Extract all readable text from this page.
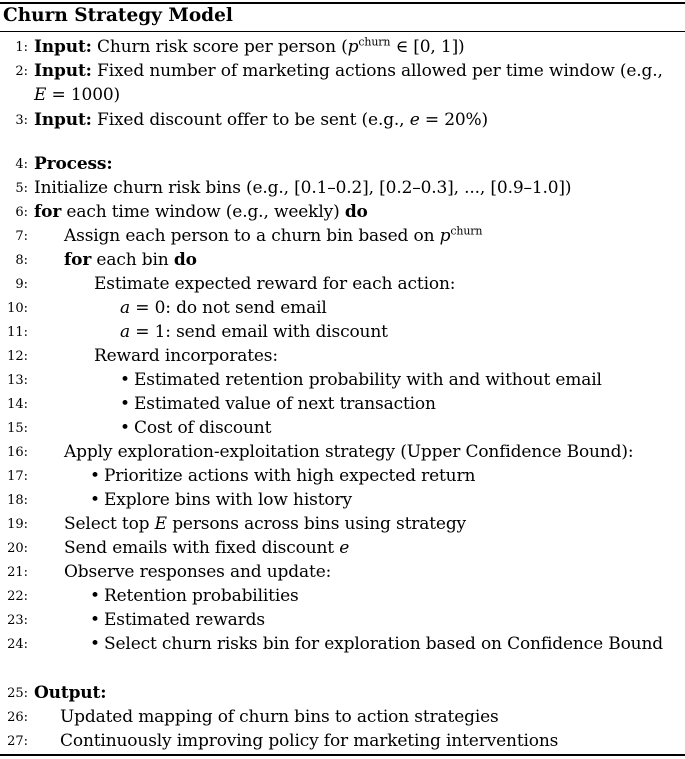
Churn Strategy Model
1: Input: Churn risk score per person ($p^{churn}$ ∈ [0, 1])
2: Input: Fixed number of marketing actions allowed per time window (e.g.,
E = 1000)
3: Input: Fixed discount offer to be sent (e.g., e = 20%)
4: Process:
5: Initialize churn risk bins (e.g., [0.1–0.2], [0.2–0.3], ..., [0.9–1.0])
6: for each time window (e.g., weekly) do
7: Assign each person to a churn bin based on $p^{churn}$
8: for each bin do
9:	Estimate expected reward for each action:
10:	a = 0: do not send email
11:	a = 1: send email with discount
12:	Reward incorporates:
13:	• Estimated retention probability with and without email
14:	• Estimated value of next transaction
15:	• Cost of discount
16: Apply exploration-exploitation strategy (Upper Confidence Bound):
17:	• Prioritize actions with high expected return
18:	• Explore bins with low history
19: Select top E persons across bins using strategy
20: Send emails with fixed discount e
21: Observe responses and update:
22:	• Retention probabilities
23:	• Estimated rewards
24:	• Select churn risks bin for exploration based on Confidence Bound
25: Output:
26: Updated mapping of churn bins to action strategies
27: Continuously improving policy for marketing interventions
